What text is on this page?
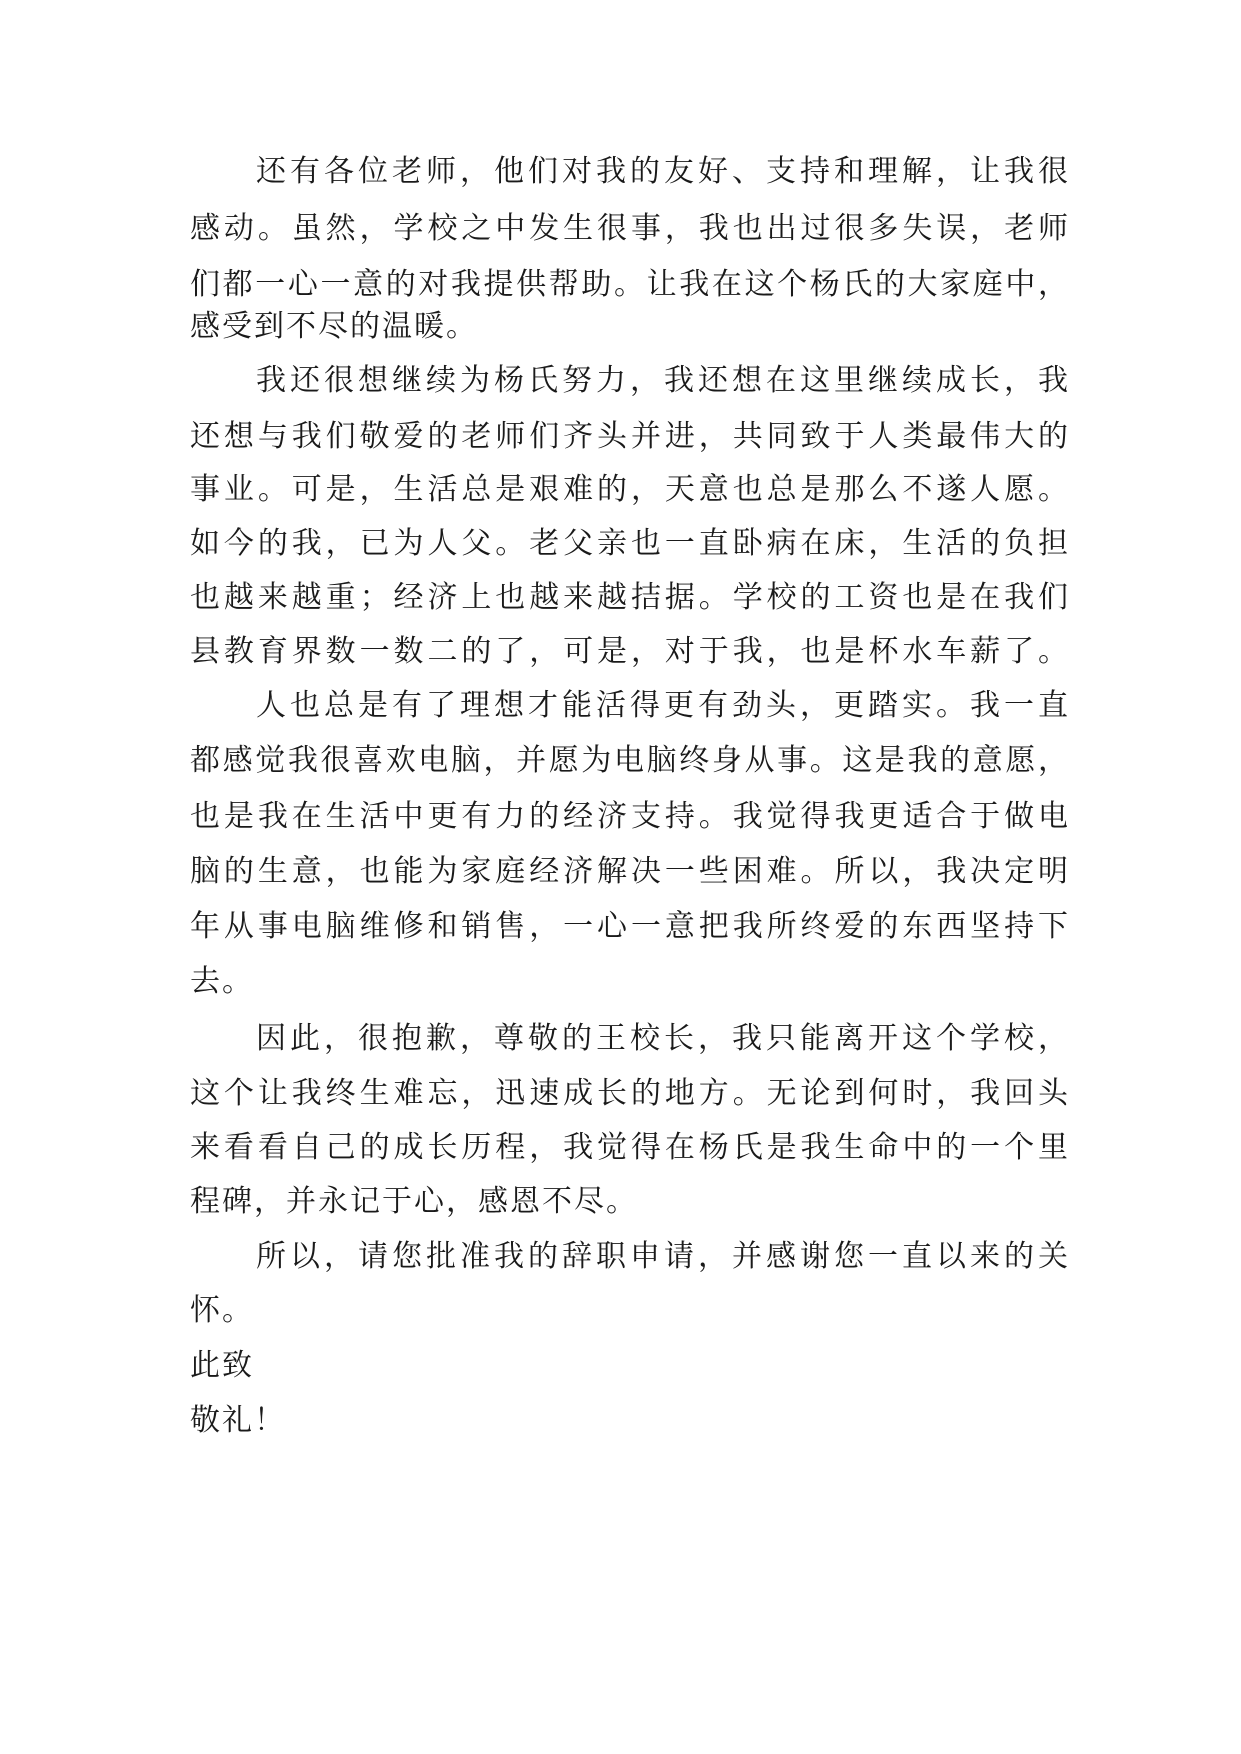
还有各位老师，他们对我的友好、支持和理解，让我很
感动。虽然，学校之中发生很事，我也出过很多失误，老师
们都一心一意的对我提供帮助。让我在这个杨氏的大家庭中，
感受到不尽的温暖。
我还很想继续为杨氏努力，我还想在这里继续成长，我
还想与我们敬爱的老师们齐头并进，共同致于人类最伟大的
事业。可是，生活总是艰难的，天意也总是那么不遂人愿。
如今的我，已为人父。老父亲也一直卧病在床，生活的负担
也越来越重；经济上也越来越拮据。学校的工资也是在我们
县教育界数一数二的了，可是，对于我，也是杯水车薪了。
人也总是有了理想才能活得更有劲头，更踏实。我一直
都感觉我很喜欢电脑，并愿为电脑终身从事。这是我的意愿，
也是我在生活中更有力的经济支持。我觉得我更适合于做电
脑的生意，也能为家庭经济解决一些困难。所以，我决定明
年从事电脑维修和销售，一心一意把我所终爱的东西坚持下
去。
因此，很抱歉，尊敬的王校长，我只能离开这个学校，
这个让我终生难忘，迅速成长的地方。无论到何时，我回头
来看看自己的成长历程，我觉得在杨氏是我生命中的一个里
程碑，并永记于心，感恩不尽。
所以，请您批准我的辞职申请，并感谢您一直以来的关
怀。
此致
敬礼！
